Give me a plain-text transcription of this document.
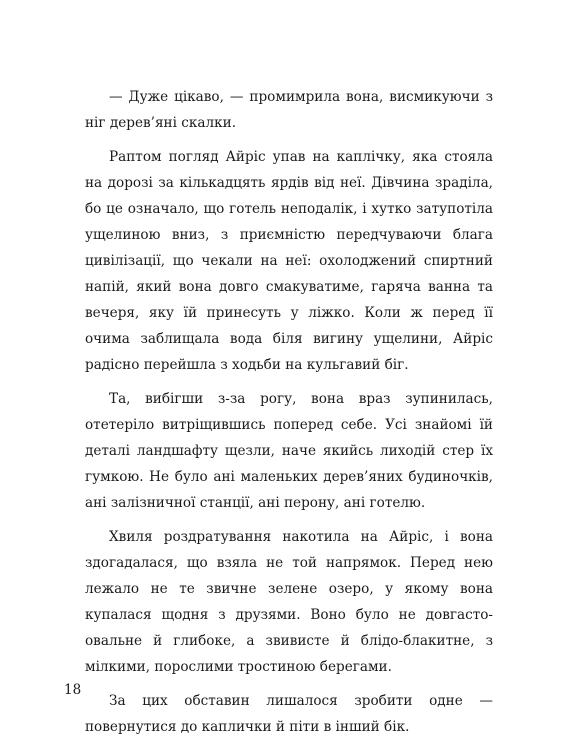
— Дуже цікаво, — промимрила вона, висмикуючи з ніг дерев’яні скалки.

Раптом погляд Айріс упав на каплічку, яка стояла на дорозі за кількадцять ярдів від неї. Дівчина зраділа, бо це означало, що готель неподалік, і хутко затупотіла ущелиною вниз, з приємністю передчуваючи блага цивілізації, що чекали на неї: охолоджений спиртний напій, який вона довго смакуватиме, гаряча ванна та вечеря, яку їй принесуть у ліжко. Коли ж перед її очима заблищала вода біля вигину ущелини, Айріс радісно перейшла з ходьби на кульгавий біг.

Та, вибігши з-за рогу, вона враз зупинилась, отетеріло витріщившись поперед себе. Усі знайомі їй деталі ландшафту щезли, наче якийсь лиходій стер їх гумкою. Не було ані маленьких дерев’яних будиночків, ані залізничної станції, ані перону, ані готелю.

Хвиля роздратування накотила на Айріс, і вона здогадалася, що взяла не той напрямок. Перед нею лежало не те звичне зелене озеро, у якому вона купалася щодня з друзями. Воно було не довгасто-овальне й глибоке, а звивисте й блідо-блакитне, з мілкими, порослими тростиною берегами.

За цих обставин лишалося зробити одне — повернутися до каплички й піти в інший бік.

18
